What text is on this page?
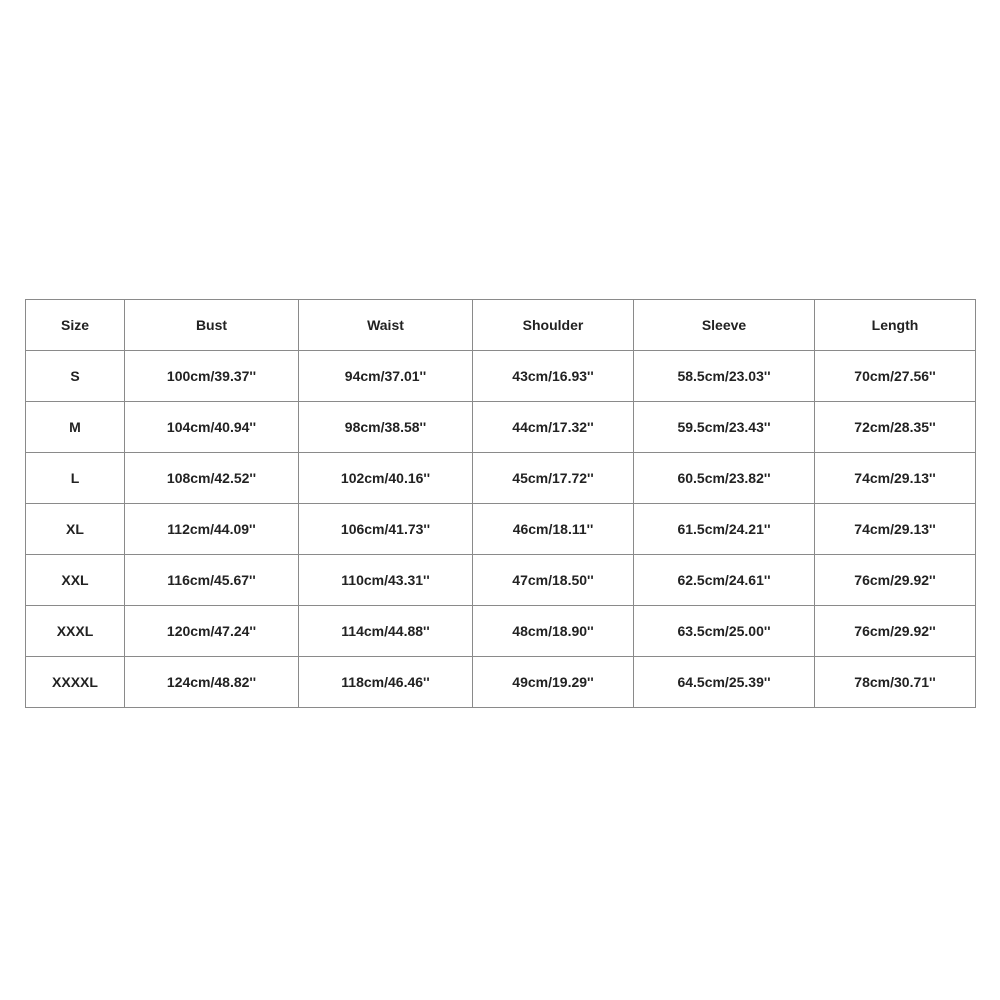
Size	Bust	Waist	Shoulder	Sleeve	Length
S	100cm/39.37''	94cm/37.01''	43cm/16.93''	58.5cm/23.03''	70cm/27.56''
M	104cm/40.94''	98cm/38.58''	44cm/17.32''	59.5cm/23.43''	72cm/28.35''
L	108cm/42.52''	102cm/40.16''	45cm/17.72''	60.5cm/23.82''	74cm/29.13''
XL	112cm/44.09''	106cm/41.73''	46cm/18.11''	61.5cm/24.21''	74cm/29.13''
XXL	116cm/45.67''	110cm/43.31''	47cm/18.50''	62.5cm/24.61''	76cm/29.92''
XXXL	120cm/47.24''	114cm/44.88''	48cm/18.90''	63.5cm/25.00''	76cm/29.92''
XXXXL	124cm/48.82''	118cm/46.46''	49cm/19.29''	64.5cm/25.39''	78cm/30.71''
